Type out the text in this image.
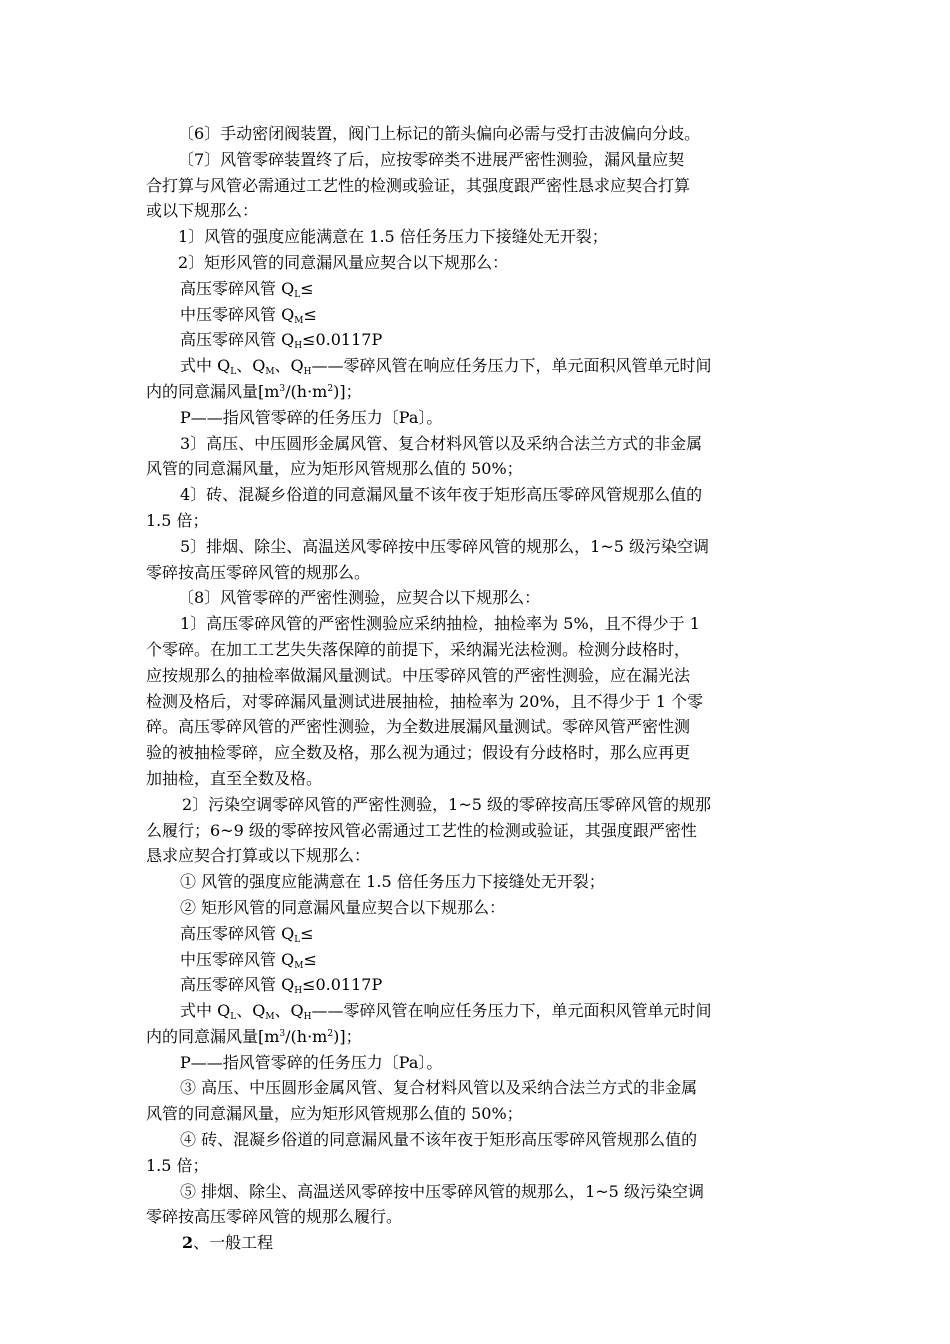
〔6〕手动密闭阀装置，阀门上标记的箭头偏向必需与受打击波偏向分歧。
〔7〕风管零碎装置终了后，应按零碎类不进展严密性测验，漏风量应契
合打算与风管必需通过工艺性的检测或验证，其强度跟严密性恳求应契合打算
或以下规那么：
1〕风管的强度应能满意在 1.5 倍任务压力下接缝处无开裂；
2〕矩形风管的同意漏风量应契合以下规那么：
高压零碎风管 $Q_L\le$
中压零碎风管 $Q_M\le$
高压零碎风管 $Q_H\le 0.0117P$
式中 $Q_L$、$Q_M$、$Q_H——$零碎风管在响应任务压力下，单元面积风管单元时间
内的同意漏风量$[m^3/(h\cdot m^2)]$；
P——指风管零碎的任务压力〔Pa〕。
3〕高压、中压圆形金属风管、复合材料风管以及采纳合法兰方式的非金属
风管的同意漏风量，应为矩形风管规那么值的 50%；
4〕砖、混凝乡俗道的同意漏风量不该年夜于矩形高压零碎风管规那么值的
1.5 倍；
5〕排烟、除尘、高温送风零碎按中压零碎风管的规那么，1~5 级污染空调
零碎按高压零碎风管的规那么。
〔8〕风管零碎的严密性测验，应契合以下规那么：
1〕高压零碎风管的严密性测验应采纳抽检，抽检率为 5%，且不得少于 1
个零碎。在加工工艺失失落保障的前提下，采纳漏光法检测。检测分歧格时，
应按规那么的抽检率做漏风量测试。中压零碎风管的严密性测验，应在漏光法
检测及格后，对零碎漏风量测试进展抽检，抽检率为 20%，且不得少于 1 个零
碎。高压零碎风管的严密性测验，为全数进展漏风量测试。零碎风管严密性测
验的被抽检零碎，应全数及格，那么视为通过；假设有分歧格时，那么应再更
加抽检，直至全数及格。
2〕污染空调零碎风管的严密性测验，1~5 级的零碎按高压零碎风管的规那
么履行；6~9 级的零碎按风管必需通过工艺性的检测或验证，其强度跟严密性
恳求应契合打算或以下规那么：
① 风管的强度应能满意在 1.5 倍任务压力下接缝处无开裂；
② 矩形风管的同意漏风量应契合以下规那么：
高压零碎风管 $Q_L\le$
中压零碎风管 $Q_M\le$
高压零碎风管 $Q_H\le 0.0117P$
式中 $Q_L$、$Q_M$、$Q_H——$零碎风管在响应任务压力下，单元面积风管单元时间
内的同意漏风量$[m^3/(h\cdot m^2)]$；
P——指风管零碎的任务压力〔Pa〕。
③ 高压、中压圆形金属风管、复合材料风管以及采纳合法兰方式的非金属
风管的同意漏风量，应为矩形风管规那么值的 50%；
④ 砖、混凝乡俗道的同意漏风量不该年夜于矩形高压零碎风管规那么值的
1.5 倍；
⑤ 排烟、除尘、高温送风零碎按中压零碎风管的规那么，1~5 级污染空调
零碎按高压零碎风管的规那么履行。
2、一般工程
